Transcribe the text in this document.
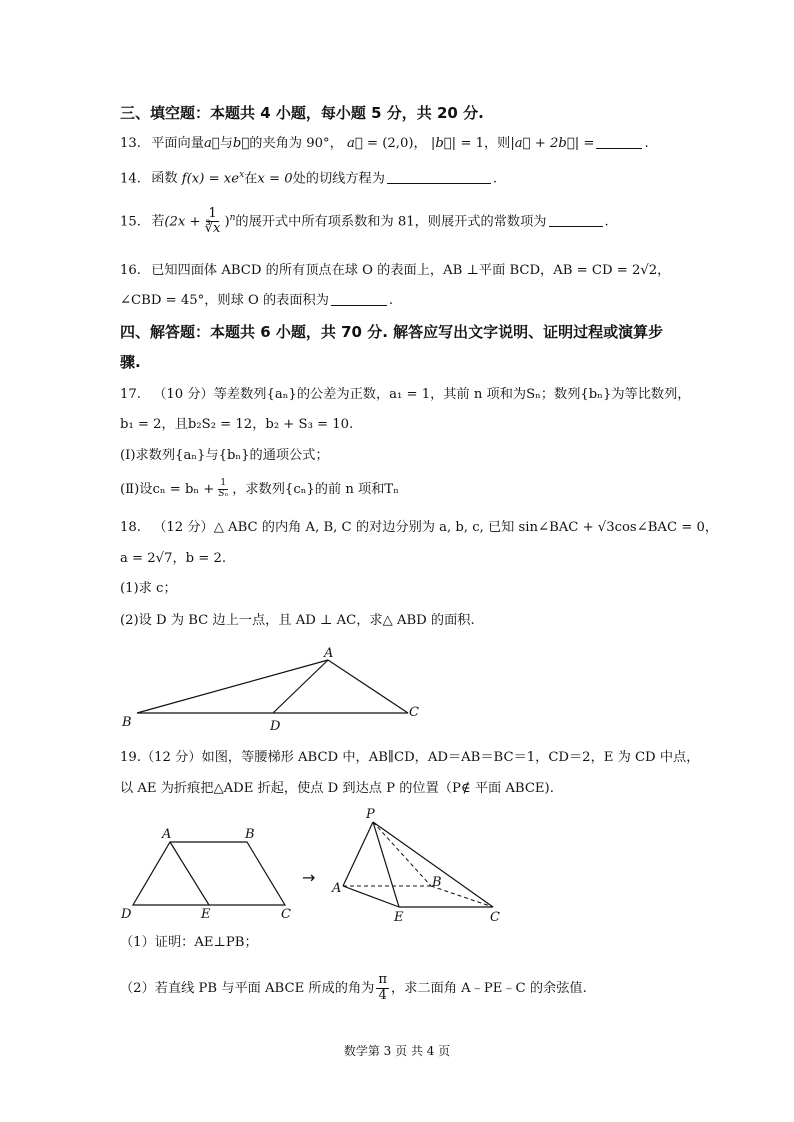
三、填空题：本题共 4 小题，每小题 5 分，共 20 分.
13. 平面向量a⃗与b⃗的夹角为 90°， a⃗ = (2,0)， |b⃗| = 1，则|a⃗ + 2b⃗| =	.
14. 函数 $f(x) = xe^x$在x = 0处的切线方程为	.
15. 若$(2x + \frac{1}{∛x} )^n$的展开式中所有项系数和为 81，则展开式的常数项为	.
16. 已知四面体 ABCD 的所有顶点在球 O 的表面上，AB ⊥平面 BCD，AB = CD = 2√2，
∠CBD = 45°，则球 O 的表面积为	.
四、解答题：本题共 6 小题，共 70 分. 解答应写出文字说明、证明过程或演算步
骤.
17. （10 分）等差数列{aₙ}的公差为正数，a₁ = 1，其前 n 项和为Sₙ；数列{bₙ}为等比数列，
b₁ = 2，且b₂S₂ = 12，b₂ + S₃ = 10.
(Ⅰ)求数列{aₙ}与{bₙ}的通项公式；
(Ⅱ)设$c_n = b_n + \frac{1}{\text{Sₙ}}$ ，求数列{cₙ}的前 n 项和Tₙ
18. （12 分）△ ABC 的内角 A, B, C 的对边分别为 a, b, c, 已知 sin∠BAC + √3cos∠BAC = 0，
a = 2√7，b = 2.
(1)求 c；
(2)设 D 为 BC 边上一点，且 AD ⊥ AC，求△ ABD 的面积.
A
B
C
D
19.（12 分）如图，等腰梯形 ABCD 中，AB∥CD，AD＝AB＝BC＝1，CD＝2，E 为 CD 中点，
以 AE 为折痕把△ADE 折起，使点 D 到达点 P 的位置（P∉ 平面 ABCE).
A	B
D	E	C
→
P
A	B
E	C
（1）证明：AE⊥PB；
（2）若直线 PB 与平面 ABCE 所成的角为 $\frac{\pi}{4}$ ，求二面角 A﹣PE﹣C 的余弦值.
数学第 3 页 共 4 页
